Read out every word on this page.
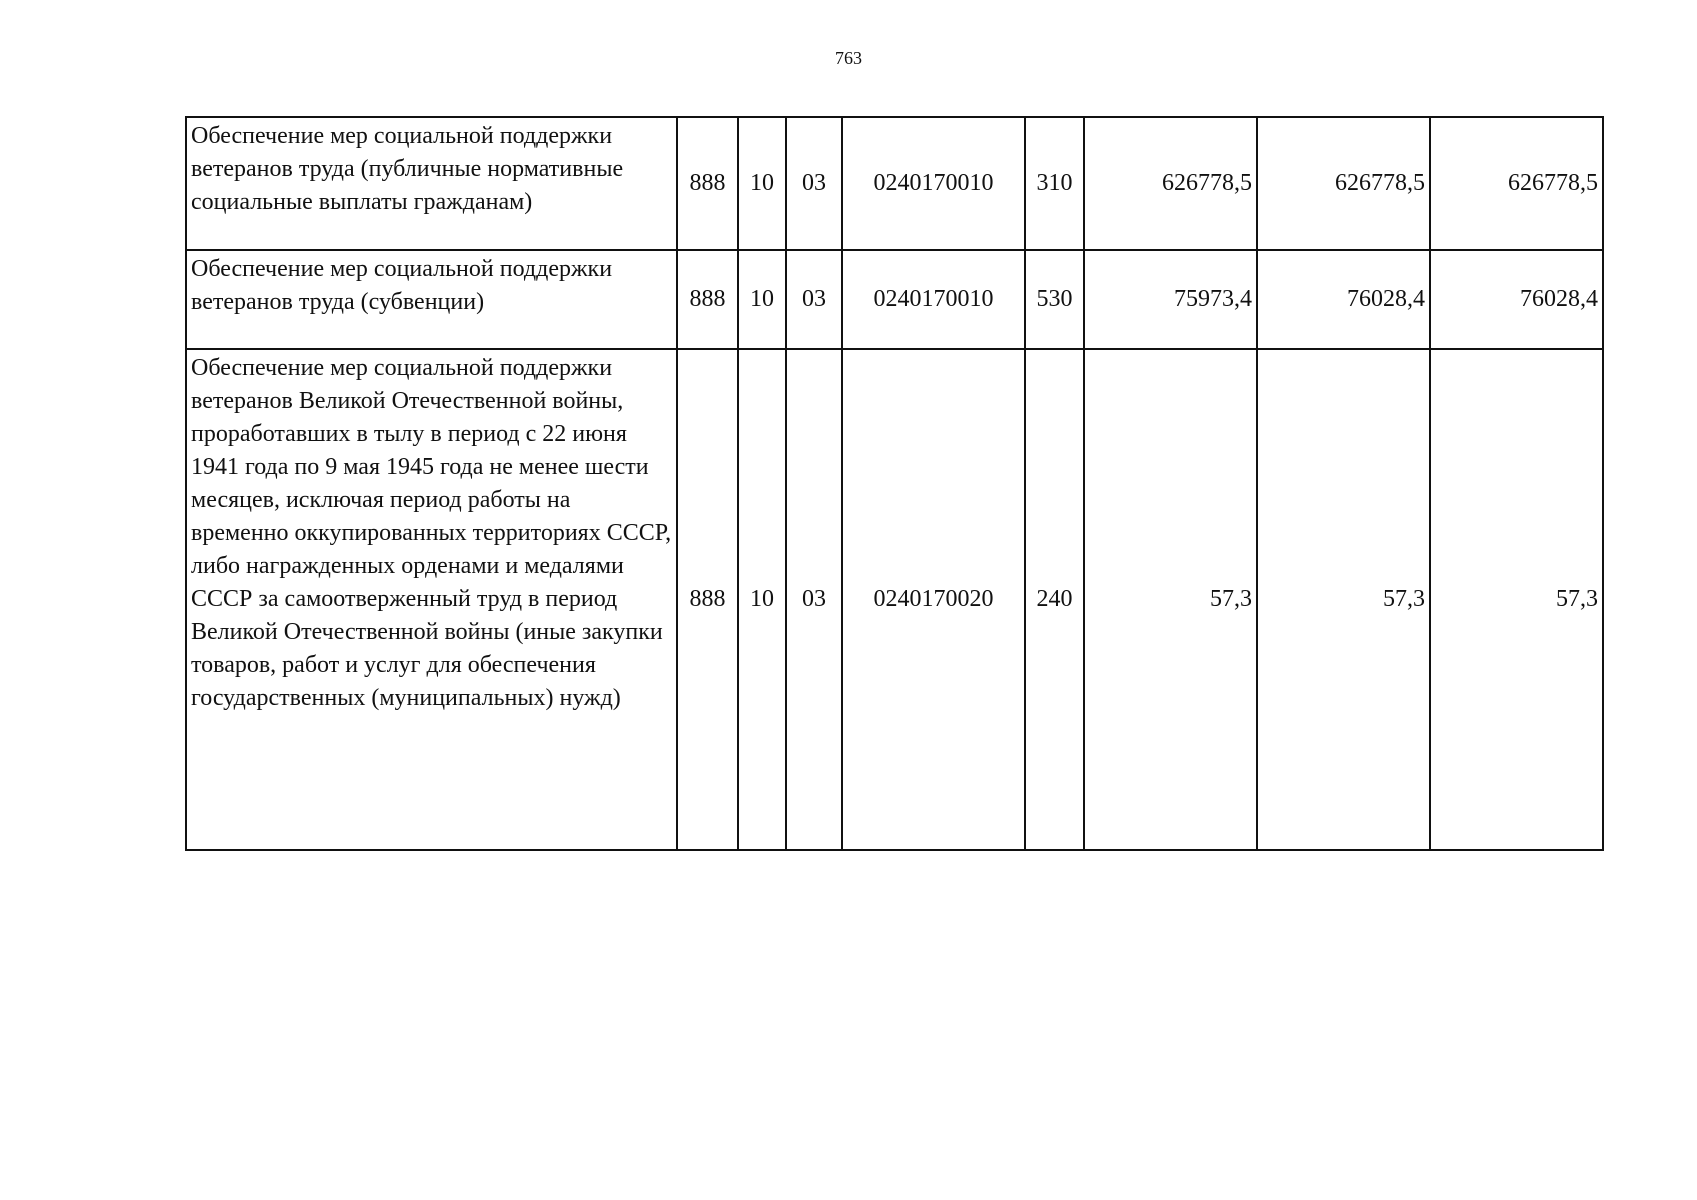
763
Обеспечение мер социальной поддержки ветеранов труда (публичные нормативные социальные выплаты гражданам)	888	10	03	0240170010	310	626778,5	626778,5	626778,5
Обеспечение мер социальной поддержки ветеранов труда (субвенции)	888	10	03	0240170010	530	75973,4	76028,4	76028,4
Обеспечение мер социальной поддержки ветеранов Великой Отечественной войны, проработавших в тылу в период с 22 июня 1941 года по 9 мая 1945 года не менее шести месяцев, исключая период работы на временно оккупированных территориях СССР, либо награжденных орденами и медалями СССР за самоотверженный труд в период Великой Отечественной войны (иные закупки товаров, работ и услуг для обеспечения государственных (муниципальных) нужд)	888	10	03	0240170020	240	57,3	57,3	57,3
